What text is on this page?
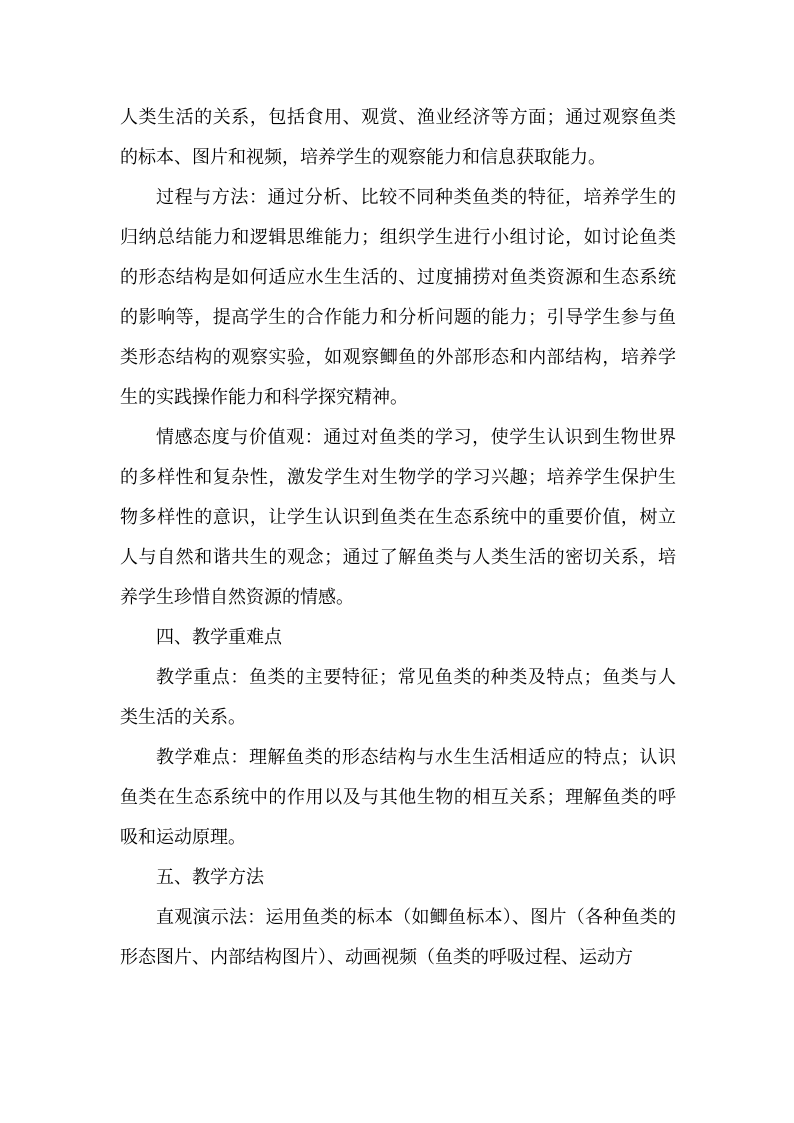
人类生活的关系，包括食用、观赏、渔业经济等方面；通过观察鱼类的标本、图片和视频，培养学生的观察能力和信息获取能力。

过程与方法：通过分析、比较不同种类鱼类的特征，培养学生的归纳总结能力和逻辑思维能力；组织学生进行小组讨论，如讨论鱼类的形态结构是如何适应水生生活的、过度捕捞对鱼类资源和生态系统的影响等，提高学生的合作能力和分析问题的能力；引导学生参与鱼类形态结构的观察实验，如观察鲫鱼的外部形态和内部结构，培养学生的实践操作能力和科学探究精神。

情感态度与价值观：通过对鱼类的学习，使学生认识到生物世界的多样性和复杂性，激发学生对生物学的学习兴趣；培养学生保护生物多样性的意识，让学生认识到鱼类在生态系统中的重要价值，树立人与自然和谐共生的观念；通过了解鱼类与人类生活的密切关系，培养学生珍惜自然资源的情感。

四、教学重难点

教学重点：鱼类的主要特征；常见鱼类的种类及特点；鱼类与人类生活的关系。

教学难点：理解鱼类的形态结构与水生生活相适应的特点；认识鱼类在生态系统中的作用以及与其他生物的相互关系；理解鱼类的呼吸和运动原理。

五、教学方法

直观演示法：运用鱼类的标本（如鲫鱼标本）、图片（各种鱼类的形态图片、内部结构图片）、动画视频（鱼类的呼吸过程、运动方
